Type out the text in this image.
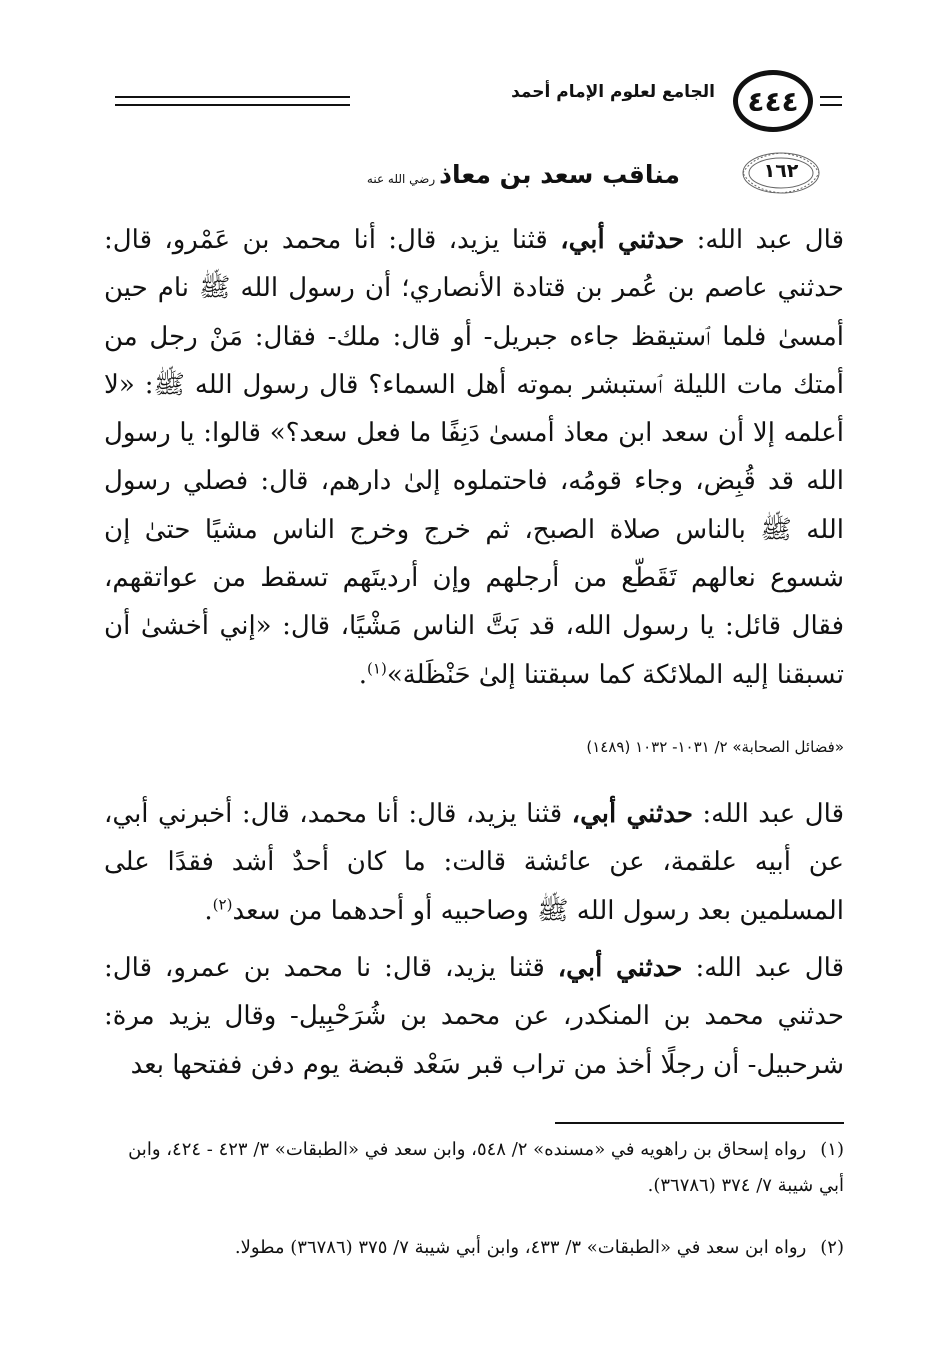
الجامع لعلوم الإمام أحمد	٤٤٤
١٦٢
مناقب سعد بن معاذرضي الله عنه
قال عبد الله: حدثني أبي، قثنا يزيد، قال: أنا محمد بن عَمْرو، قال: حدثني عاصم بن عُمر بن قتادة الأنصاري؛ أن رسول الله ﷺ نام حين أمسىٰ فلما ٱستيقظ جاءه جبريل- أو قال: ملك- فقال: مَنْ رجل من أمتك مات الليلة ٱستبشر بموته أهل السماء؟ قال رسول الله ﷺ: «لا أعلمه إلا أن سعد ابن معاذ أمسىٰ دَنِفًا ما فعل سعد؟» قالوا: يا رسول الله قد قُبِض، وجاء قومُه، فاحتملوه إلىٰ دارهم، قال: فصلي رسول الله ﷺ بالناس صلاة الصبح، ثم خرج وخرج الناس مشيًا حتىٰ إن شسوع نعالهم تَقَطّع من أرجلهم وإن أرديتَهم تسقط من عواتقهم، فقال قائل: يا رسول الله، قد بَتَّ الناس مَشْيًا، قال: «إني أخشىٰ أن تسبقنا إليه الملائكة كما سبقتنا إلىٰ حَنْظَلة»$^{(١)}$.
«فضائل الصحابة» ٢/ ١٠٣١- ١٠٣٢ (١٤٨٩)
قال عبد الله: حدثني أبي، قثنا يزيد، قال: أنا محمد، قال: أخبرني أبي، عن أبيه علقمة، عن عائشة قالت: ما كان أحدٌ أشد فقدًا على المسلمين بعد رسول الله ﷺ وصاحبيه أو أحدهما من سعد$^{(٢)}$.
قال عبد الله: حدثني أبي، قثنا يزيد، قال: نا محمد بن عمرو، قال: حدثني محمد بن المنكدر، عن محمد بن شُرَحْبِيل- وقال يزيد مرة: شرحبيل- أن رجلًا أخذ من تراب قبر سَعْد قبضة يوم دفن ففتحها بعد
(١)رواه إسحاق بن راهويه في «مسنده» ٢/ ٥٤٨، وابن سعد في «الطبقات» ٣/ ٤٢٣ - ٤٢٤، وابن أبي شيبة ٧/ ٣٧٤ (٣٦٧٨٦).
(٢)رواه ابن سعد في «الطبقات» ٣/ ٤٣٣، وابن أبي شيبة ٧/ ٣٧٥ (٣٦٧٨٦) مطولا.
